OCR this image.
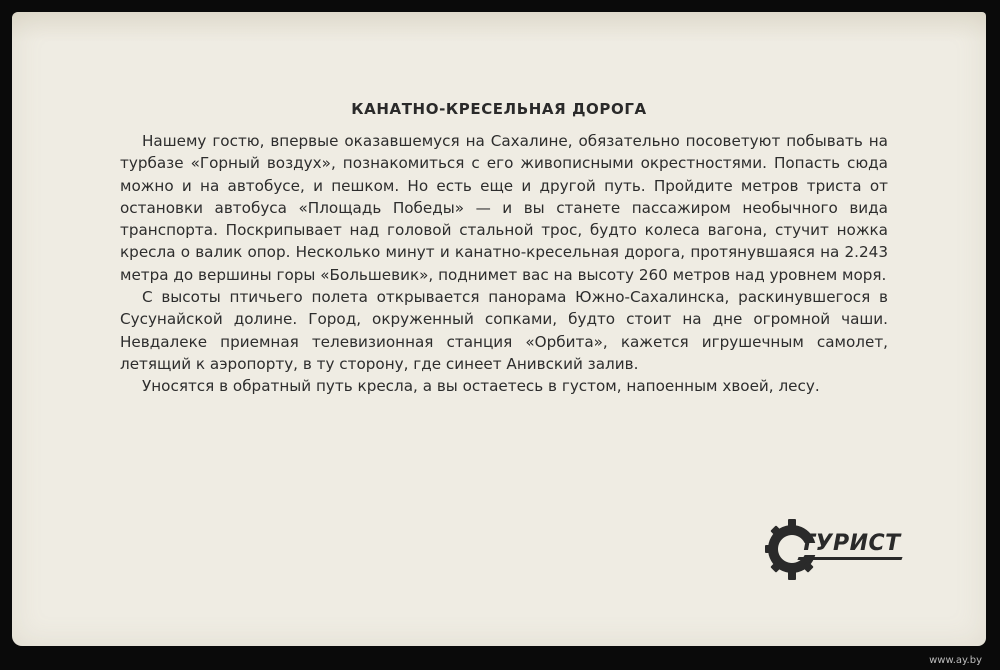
КАНАТНО-КРЕСЕЛЬНАЯ ДОРОГА

Нашему гостю, впервые оказавшемуся на Сахалине, обязательно посоветуют побывать на турбазе «Горный воздух», познакомиться с его живописными окрестностями. Попасть сюда можно и на автобусе, и пешком. Но есть еще и другой путь. Пройдите метров триста от остановки автобуса «Площадь Победы» — и вы станете пассажиром необычного вида транспорта. Поскрипывает над головой стальной трос, будто колеса вагона, стучит ножка кресла о валик опор. Несколько минут и канатно-кресельная дорога, протянувшаяся на 2.243 метра до вершины горы «Большевик», поднимет вас на высоту 260 метров над уровнем моря.

С высоты птичьего полета открывается панорама Южно-Сахалинска, раскинувшегося в Сусунайской долине. Город, окруженный сопками, будто стоит на дне огромной чаши. Невдалеке приемная телевизионная станция «Орбита», кажется игрушечным самолет, летящий к аэропорту, в ту сторону, где синеет Анивский залив.

Уносятся в обратный путь кресла, а вы остаетесь в густом, напоенным хвоей, лесу.

ТУРИСТ
www.ay.by
